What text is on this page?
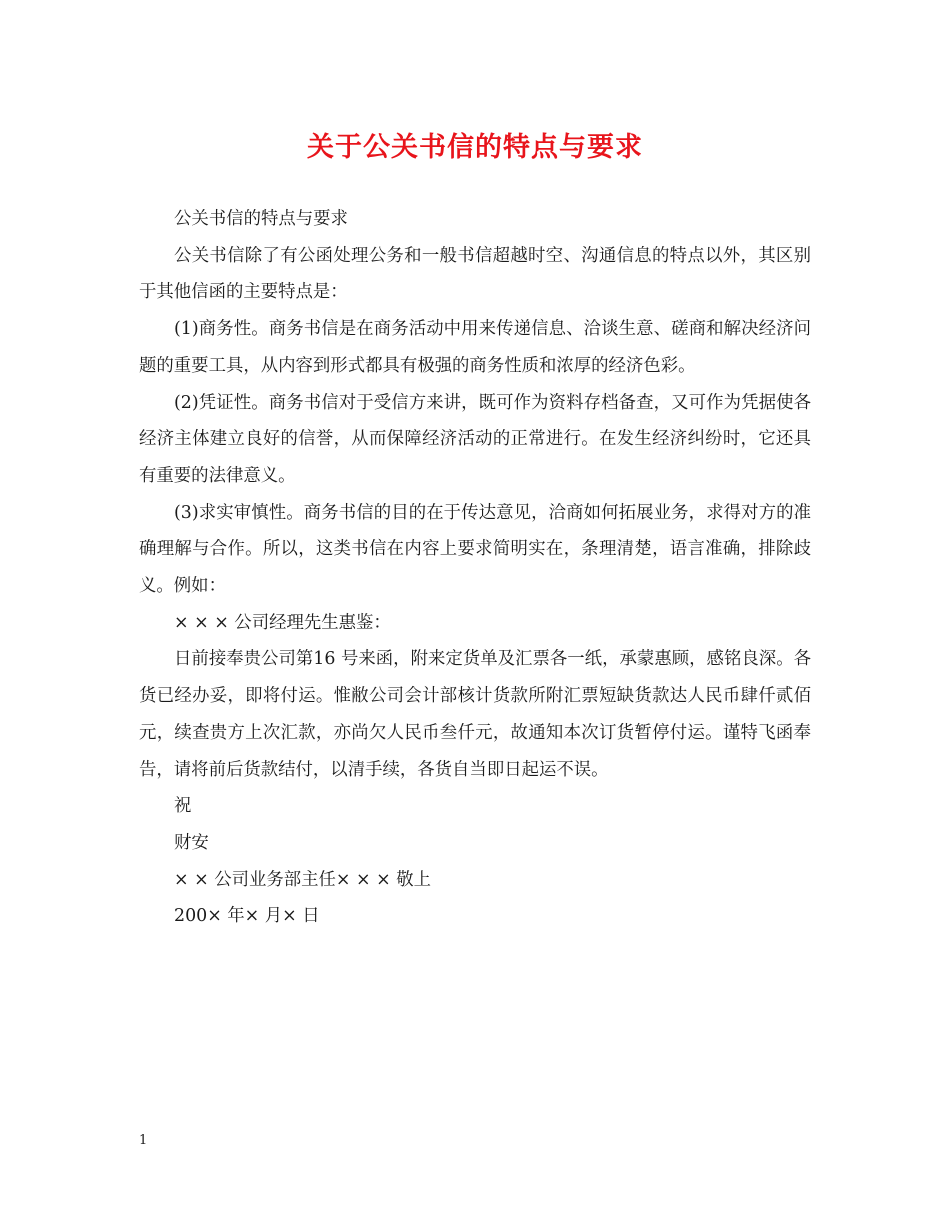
关于公关书信的特点与要求

公关书信的特点与要求

公关书信除了有公函处理公务和一般书信超越时空、沟通信息的特点以外，其区别于其他信函的主要特点是：

(1)商务性。商务书信是在商务活动中用来传递信息、洽谈生意、磋商和解决经济问题的重要工具，从内容到形式都具有极强的商务性质和浓厚的经济色彩。

(2)凭证性。商务书信对于受信方来讲，既可作为资料存档备查，又可作为凭据使各经济主体建立良好的信誉，从而保障经济活动的正常进行。在发生经济纠纷时，它还具有重要的法律意义。

(3)求实审慎性。商务书信的目的在于传达意见，洽商如何拓展业务，求得对方的准确理解与合作。所以，这类书信在内容上要求简明实在，条理清楚，语言准确，排除歧义。例如：

× × × 公司经理先生惠鉴：

日前接奉贵公司第16 号来函，附来定货单及汇票各一纸，承蒙惠顾，感铭良深。各货已经办妥，即将付运。惟敝公司会计部核计货款所附汇票短缺货款达人民币肆仟贰佰元，续查贵方上次汇款，亦尚欠人民币叁仟元，故通知本次订货暂停付运。谨特飞函奉告，请将前后货款结付，以清手续，各货自当即日起运不误。

祝

财安

× × 公司业务部主任× × × 敬上

200× 年× 月× 日

1
